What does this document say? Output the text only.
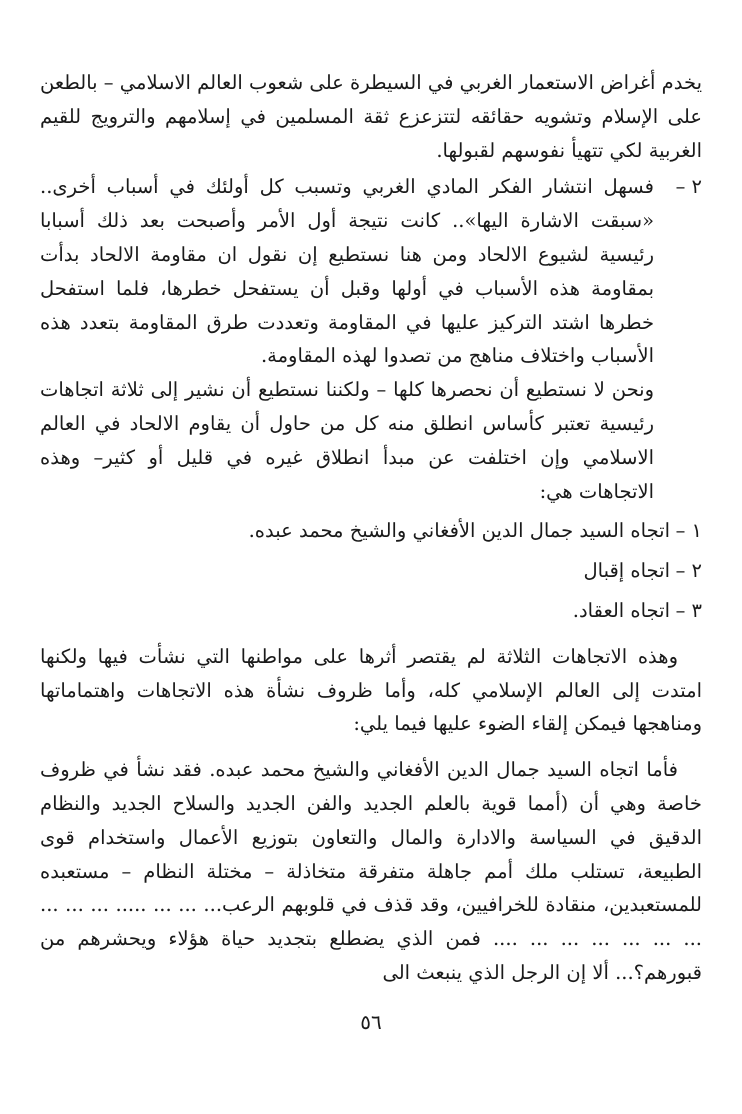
يخدم أغراض الاستعمار الغربي في السيطرة على شعوب العالم الاسلامي – بالطعن على الإسلام وتشويه حقائقه لتتزعزع ثقة المسلمين في إسلامهم والترويج للقيم الغربية لكي تتهيأ نفوسهم لقبولها.

٢ –
فسهل انتشار الفكر المادي الغربي وتسبب كل أولئك في أسباب أخرى.. «سبقت الاشارة اليها».. كانت نتيجة أول الأمر وأصبحت بعد ذلك أسبابا رئيسية لشيوع الالحاد ومن هنا نستطيع إن نقول ان مقاومة الالحاد بدأت بمقاومة هذه الأسباب في أولها وقبل أن يستفحل خطرها، فلما استفحل خطرها اشتد التركيز عليها في المقاومة وتعددت طرق المقاومة بتعدد هذه الأسباب واختلاف مناهج من تصدوا لهذه المقاومة.

ونحن لا نستطيع أن نحصرها كلها – ولكننا نستطيع أن نشير إلى ثلاثة اتجاهات رئيسية تعتبر كأساس انطلق منه كل من حاول أن يقاوم الالحاد في العالم الاسلامي وإن اختلفت عن مبدأ انطلاق غيره في قليل أو كثير– وهذه الاتجاهات هي:

١ –
اتجاه السيد جمال الدين الأفغاني والشيخ محمد عبده.
٢ –
اتجاه إقبال
٣ –
اتجاه العقاد.

وهذه الاتجاهات الثلاثة لم يقتصر أثرها على مواطنها التي نشأت فيها ولكنها امتدت إلى العالم الإسلامي كله، وأما ظروف نشأة هذه الاتجاهات واهتماماتها ومناهجها فيمكن إلقاء الضوء عليها فيما يلي:

فأما اتجاه السيد جمال الدين الأفغاني والشيخ محمد عبده. فقد نشأ في ظروف خاصة وهي أن (أمما قوية بالعلم الجديد والفن الجديد والسلاح الجديد والنظام الدقيق في السياسة والادارة والمال والتعاون بتوزيع الأعمال واستخدام قوى الطبيعة، تستلب ملك أمم جاهلة متفرقة متخاذلة – مختلة النظام – مستعبده للمستعبدين، منقادة للخرافيين، وقد قذف في قلوبهم الرعب... ... ... ..... ... ... ... ... ... ... ... ... ... .... فمن الذي يضطلع بتجديد حياة هؤلاء ويحشرهم من قبورهم؟... ألا إن الرجل الذي ينبعث الى

٥٦
